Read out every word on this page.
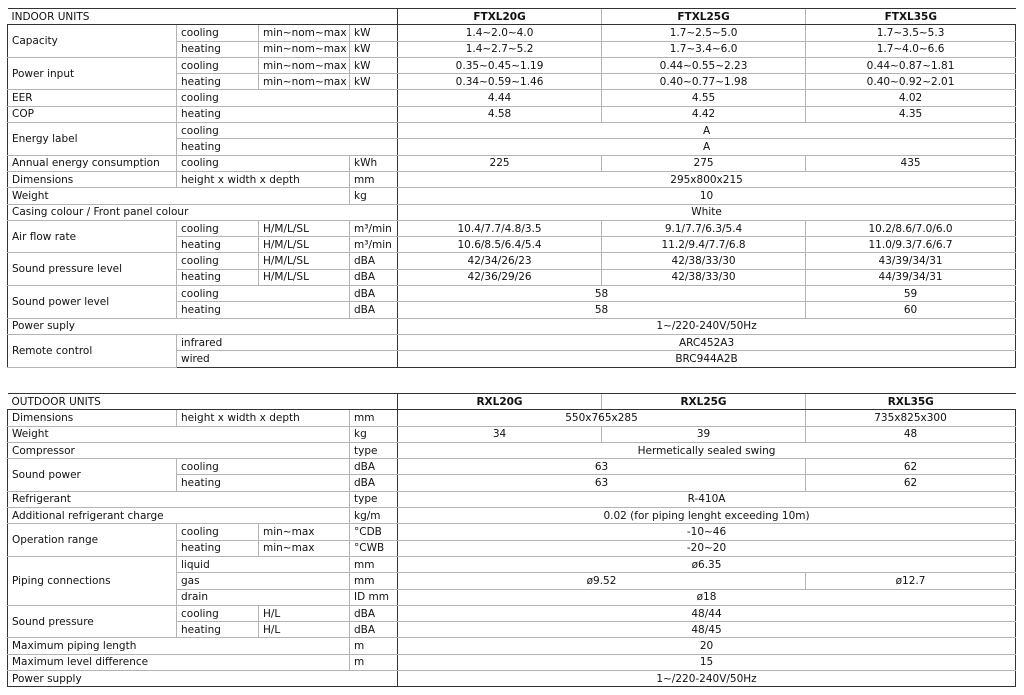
INDOOR UNITS				FTXL20G	FTXL25G	FTXL35G
Capacity	cooling	min~nom~max	kW	1.4~2.0~4.0	1.7~2.5~5.0	1.7~3.5~5.3
	heating	min~nom~max	kW	1.4~2.7~5.2	1.7~3.4~6.0	1.7~4.0~6.6
Power input	cooling	min~nom~max	kW	0.35~0.45~1.19	0.44~0.55~2.23	0.44~0.87~1.81
	heating	min~nom~max	kW	0.34~0.59~1.46	0.40~0.77~1.98	0.40~0.92~2.01
EER	cooling			4.44	4.55	4.02
COP	heating			4.58	4.42	4.35
Energy label	cooling			A		
	heating			A		
Annual energy consumption	cooling		kWh	225	275	435
Dimensions	height x width x depth		mm	295x800x215		
Weight			kg	10		
Casing colour / Front panel colour				White		
Air flow rate	cooling	H/M/L/SL	m³/min	10.4/7.7/4.8/3.5	9.1/7.7/6.3/5.4	10.2/8.6/7.0/6.0
	heating	H/M/L/SL	m³/min	10.6/8.5/6.4/5.4	11.2/9.4/7.7/6.8	11.0/9.3/7.6/6.7
Sound pressure level	cooling	H/M/L/SL	dBA	42/34/26/23	42/38/33/30	43/39/34/31
	heating	H/M/L/SL	dBA	42/36/29/26	42/38/33/30	44/39/34/31
Sound power level	cooling		dBA	58		59
	heating		dBA	58		60
Power suply				1~/220-240V/50Hz		
Remote control	infrared			ARC452A3		
	wired			BRC944A2B		
OUTDOOR UNITS				RXL20G	RXL25G	RXL35G
Dimensions	height x width x depth		mm	550x765x285		735x825x300
Weight			kg	34	39	48
Compressor			type	Hermetically sealed swing		
Sound power	cooling		dBA	63		62
	heating		dBA	63		62
Refrigerant			type	R-410A		
Additional refrigerant charge			kg/m	0.02 (for piping lenght exceeding 10m)		
Operation range	cooling	min~max	°CDB	-10~46		
	heating	min~max	°CWB	-20~20		
Piping connections	liquid		mm	ø6.35		
	gas		mm	ø9.52		ø12.7
	drain		ID mm	ø18		
Sound pressure	cooling	H/L	dBA	48/44		
	heating	H/L	dBA	48/45		
Maximum piping length			m	20		
Maximum level difference			m	15		
Power supply				1~/220-240V/50Hz		
